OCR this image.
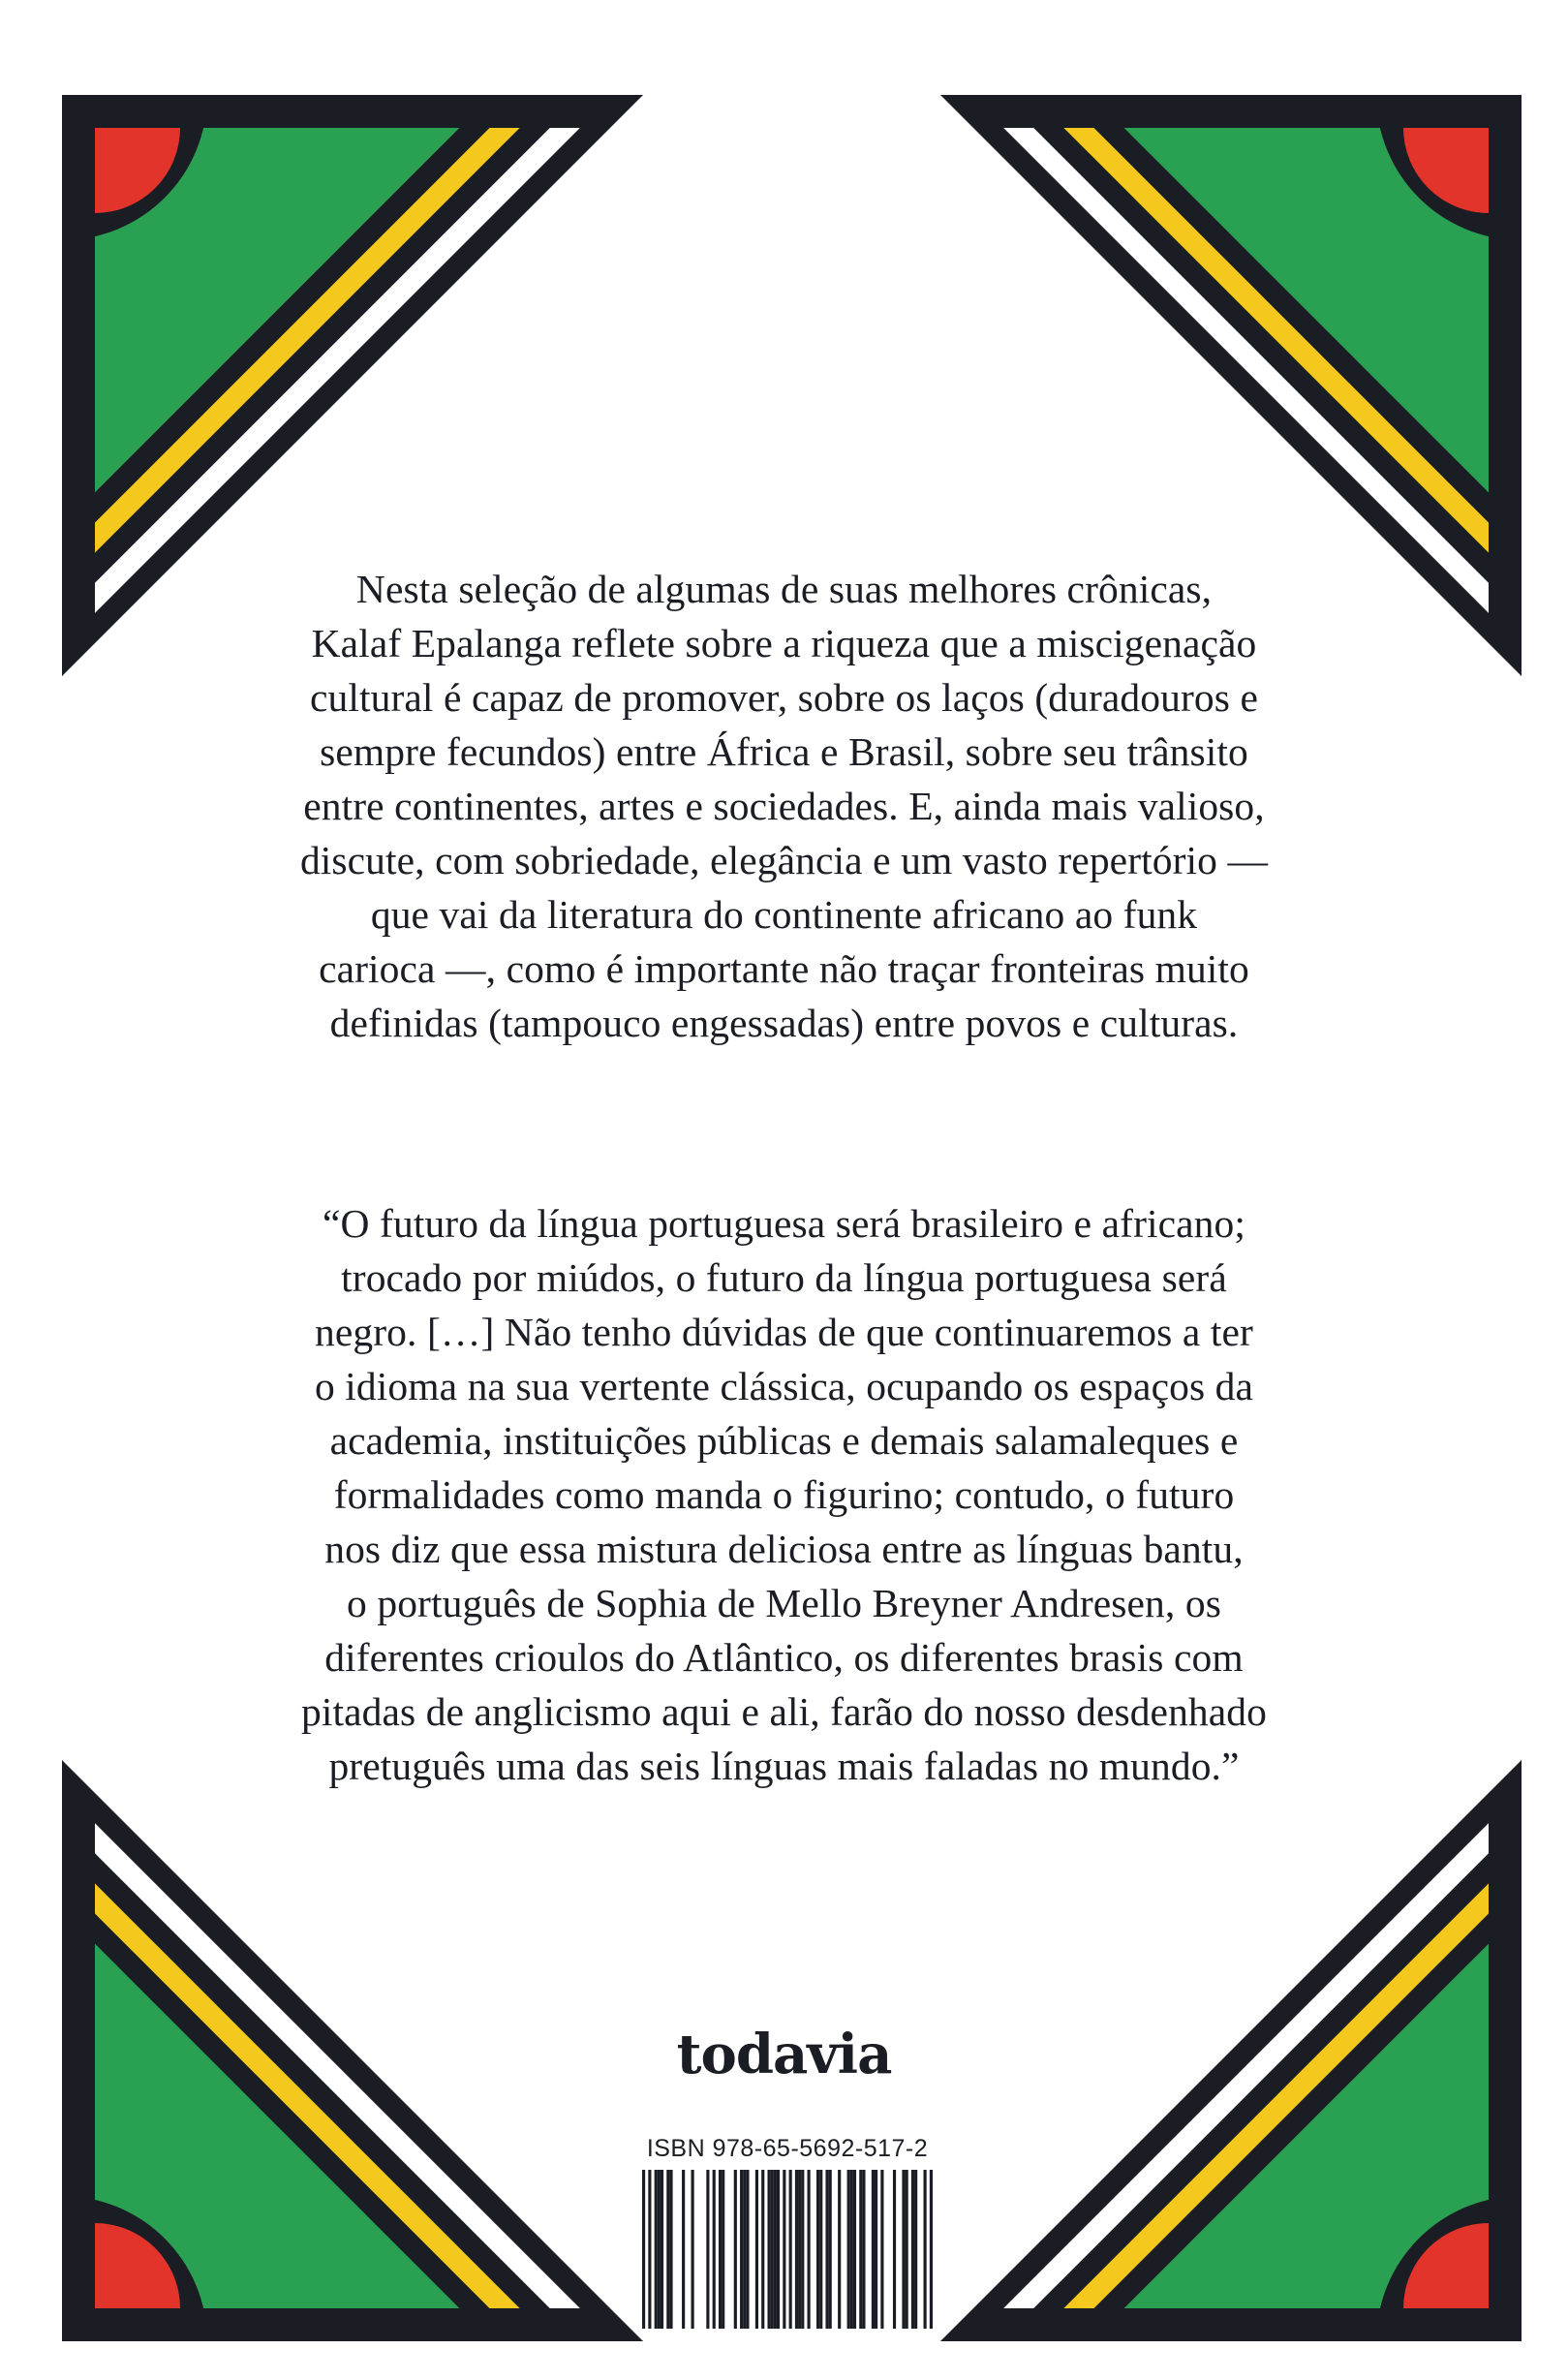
Nesta seleção de algumas de suas melhores crônicas,
Kalaf Epalanga reflete sobre a riqueza que a miscigenação
cultural é capaz de promover, sobre os laços (duradouros e
sempre fecundos) entre África e Brasil, sobre seu trânsito
entre continentes, artes e sociedades. E, ainda mais valioso,
discute, com sobriedade, elegância e um vasto repertório —
que vai da literatura do continente africano ao funk
carioca —, como é importante não traçar fronteiras muito
definidas (tampouco engessadas) entre povos e culturas.
“O futuro da língua portuguesa será brasileiro e africano;
trocado por miúdos, o futuro da língua portuguesa será
negro. […] Não tenho dúvidas de que continuaremos a ter
o idioma na sua vertente clássica, ocupando os espaços da
academia, instituições públicas e demais salamaleques e
formalidades como manda o figurino; contudo, o futuro
nos diz que essa mistura deliciosa entre as línguas bantu,
o português de Sophia de Mello Breyner Andresen, os
diferentes crioulos do Atlântico, os diferentes brasis com
pitadas de anglicismo aqui e ali, farão do nosso desdenhado
pretuguês uma das seis línguas mais faladas no mundo.”
todavia
ISBN 978-65-5692-517-2
